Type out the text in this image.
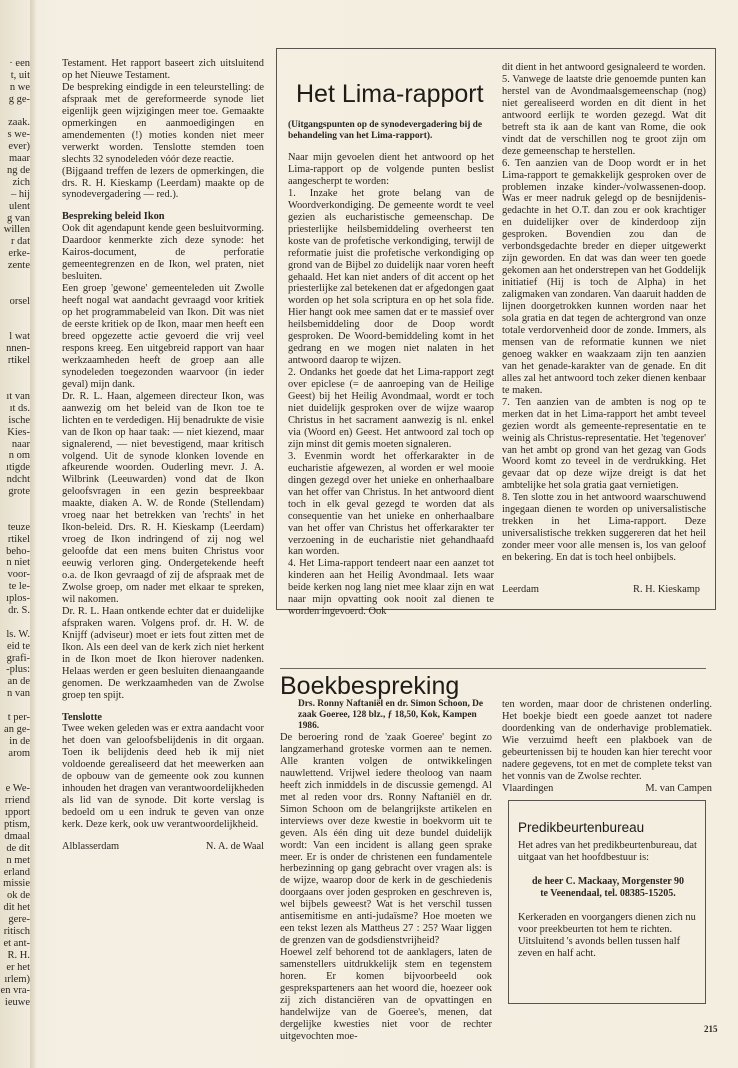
· een
t, uit
n we
g ge-
zaak.
s we-
ever)
maar
ng de
zich
– hij
ulent
g van
willen
r dat
erke-
zente
orsel
l wat
nnen-
rtikel
ıt van
ıt ds.
ische
Kies-
naar
n om
ıtigde
ndcht
grote
teuze
rtikel
beho-
n niet
voor-
te le-
ıplos-
dr. S.
ls. W.
eid te
grafi-
-plus:
an de
n van
t per-
an ge-
in de
arom
e We-
rriend
ıpport
ptism,
dmaal
de dit
n met
erland
missie
ok de
dit het
gere-
ritisch
et ant-
R. H.
er het
ırlem)
en vra-
ieuwe

Testament. Het rapport baseert zich uitsluitend op het Nieuwe Testament.

De bespreking eindigde in een teleurstelling: de afspraak met de gereformeerde synode liet eigenlijk geen wijzigingen meer toe. Gemaakte opmerkingen en aanmoedigingen en amendementen (!) moties konden niet meer verwerkt worden. Tenslotte stemden toen slechts 32 synodeleden vóór deze reactie.

(Bijgaand treffen de lezers de opmerkingen, die drs. R. H. Kieskamp (Leerdam) maakte op de synodevergadering — red.).

Bespreking beleid Ikon

Ook dit agendapunt kende geen besluitvorming. Daardoor kenmerkte zich deze synode: het Kairos-document, de perforatie gemeentegrenzen en de Ikon, wel praten, niet besluiten.

Een groep 'gewone' gemeenteleden uit Zwolle heeft nogal wat aandacht gevraagd voor kritiek op het programmabeleid van Ikon. Dit was niet de eerste kritiek op de Ikon, maar men heeft een breed opgezette actie gevoerd die vrij veel respons kreeg. Een uitgebreid rapport van haar werkzaamheden heeft de groep aan alle synodeleden toegezonden waarvoor (in ieder geval) mijn dank.

Dr. R. L. Haan, algemeen directeur Ikon, was aanwezig om het beleid van de Ikon toe te lichten en te verdedigen. Hij benadrukte de visie van de Ikon op haar taak: — niet kiezend, maar signalerend, — niet bevestigend, maar kritisch volgend. Uit de synode klonken lovende en afkeurende woorden. Ouderling mevr. J. A. Wilbrink (Leeuwarden) vond dat de Ikon geloofsvragen in een gezin bespreekbaar maakte, diaken A. W. de Ronde (Stellendam) vroeg naar het betrekken van 'rechts' in het Ikon-beleid. Drs. R. H. Kieskamp (Leerdam) vroeg de Ikon indringend of zij nog wel geloofde dat een mens buiten Christus voor eeuwig verloren ging. Ondergetekende heeft o.a. de Ikon gevraagd of zij de afspraak met de Zwolse groep, om nader met elkaar te spreken, wil nakomen.

Dr. R. L. Haan ontkende echter dat er duidelijke afspraken waren. Volgens prof. dr. H. W. de Knijff (adviseur) moet er iets fout zitten met de Ikon. Als een deel van de kerk zich niet herkent in de Ikon moet de Ikon hierover nadenken. Helaas werden er geen besluiten dienaangaande genomen. De werkzaamheden van de Zwolse groep ten spijt.

Tenslotte

Twee weken geleden was er extra aandacht voor het doen van geloofsbelijdenis in dit orgaan. Toen ik belijdenis deed heb ik mij niet voldoende gerealiseerd dat het meewerken aan de opbouw van de gemeente ook zou kunnen inhouden het dragen van verantwoordelijkheden als lid van de synode. Dit korte verslag is bedoeld om u een indruk te geven van onze kerk. Deze kerk, ook uw verantwoordelijkheid.

Alblasserdam	N. A. de Waal

Het Lima-rapport

(Uitgangspunten op de synodevergadering bij de behandeling van het Lima-rapport).

Naar mijn gevoelen dient het antwoord op het Lima-rapport op de volgende punten beslist aangescherpt te worden:

1. Inzake het grote belang van de Woordverkondiging. De gemeente wordt te veel gezien als eucharistische gemeenschap. De priesterlijke heilsbemiddeling overheerst ten koste van de profetische verkondiging, terwijl de reformatie juist die profetische verkondiging op grond van de Bijbel zo duidelijk naar voren heeft gehaald. Het kan niet anders of dit accent op het priesterlijke zal betekenen dat er afgedongen gaat worden op het sola scriptura en op het sola fide. Hier hangt ook mee samen dat er te massief over heilsbemiddeling door de Doop wordt gesproken. De Woord-bemiddeling komt in het gedrang en we mogen niet nalaten in het antwoord daarop te wijzen.

2. Ondanks het goede dat het Lima-rapport zegt over epiclese (= de aanroeping van de Heilige Geest) bij het Heilig Avondmaal, wordt er toch niet duidelijk gesproken over de wijze waarop Christus in het sacrament aanwezig is nl. enkel via (Woord en) Geest. Het antwoord zal toch op zijn minst dit gemis moeten signaleren.

3. Evenmin wordt het offerkarakter in de eucharistie afgewezen, al worden er wel mooie dingen gezegd over het unieke en onherhaalbare van het offer van Christus. In het antwoord dient toch in elk geval gezegd te worden dat als consequentie van het unieke en onherhaalbare van het offer van Christus het offerkarakter ter verzoening in de eucharistie niet gehandhaafd kan worden.

4. Het Lima-rapport tendeert naar een aanzet tot kinderen aan het Heilig Avondmaal. Iets waar beide kerken nog lang niet mee klaar zijn en wat naar mijn opvatting ook nooit zal dienen te worden ingevoerd. Ook

dit dient in het antwoord gesignaleerd te worden.

5. Vanwege de laatste drie genoemde punten kan herstel van de Avondmaalsgemeenschap (nog) niet gerealiseerd worden en dit dient in het antwoord eerlijk te worden gezegd. Wat dit betreft sta ik aan de kant van Rome, die ook vindt dat de verschillen nog te groot zijn om deze gemeenschap te herstellen.

6. Ten aanzien van de Doop wordt er in het Lima-rapport te gemakkelijk gesproken over de problemen inzake kinder-/volwassenen-doop. Was er meer nadruk gelegd op de besnijdenis-gedachte in het O.T. dan zou er ook krachtiger en duidelijker over de kinderdoop zijn gesproken. Bovendien zou dan de verbondsgedachte breder en dieper uitgewerkt zijn geworden. En dat was dan weer ten goede gekomen aan het onderstrepen van het Goddelijk initiatief (Hij is toch de Alpha) in het zaligmaken van zondaren. Van daaruit hadden de lijnen doorgetrokken kunnen worden naar het sola gratia en dat tegen de achtergrond van onze totale verdorvenheid door de zonde. Immers, als mensen van de reformatie kunnen we niet genoeg wakker en waakzaam zijn ten aanzien van het genade-karakter van de genade. En dit alles zal het antwoord toch zeker dienen kenbaar te maken.

7. Ten aanzien van de ambten is nog op te merken dat in het Lima-rapport het ambt teveel gezien wordt als gemeente-representatie en te weinig als Christus-representatie. Het 'tegenover' van het ambt op grond van het gezag van Gods Woord komt zo teveel in de verdrukking. Het gevaar dat op deze wijze dreigt is dat het ambtelijke het sola gratia gaat vernietigen.

8. Ten slotte zou in het antwoord waarschuwend ingegaan dienen te worden op universalistische trekken in het Lima-rapport. Deze universalistische trekken suggereren dat het heil zonder meer voor alle mensen is, los van geloof en bekering. En dat is toch heel onbijbels.

Leerdam	R. H. Kieskamp
Boekbespreking

Drs. Ronny Naftaniël en dr. Simon Schoon, De zaak Goeree, 128 blz., ƒ 18,50, Kok, Kampen 1986.

De beroering rond de 'zaak Goeree' begint zo langzamerhand groteske vormen aan te nemen. Alle kranten volgen de ontwikkelingen nauwlettend. Vrijwel iedere theoloog van naam heeft zich inmiddels in de discussie gemengd. Al met al reden voor drs. Ronny Naftaniël en dr. Simon Schoon om de belangrijkste artikelen en interviews over deze kwestie in boekvorm uit te geven. Als één ding uit deze bundel duidelijk wordt: Van een incident is allang geen sprake meer. Er is onder de christenen een fundamentele herbezinning op gang gebracht over vragen als: is de wijze, waarop door de kerk in de geschiedenis doorgaans over joden gesproken en geschreven is, wel bijbels geweest? Wat is het verschil tussen antisemitisme en anti-judaïsme? Hoe moeten we een tekst lezen als Mattheus 27 : 25? Waar liggen de grenzen van de godsdienstvrijheid?

Hoewel zelf behorend tot de aanklagers, laten de samenstellers uitdrukkelijk stem en tegenstem horen. Er komen bijvoorbeeld ook gespreksparteners aan het woord die, hoezeer ook zij zich distanciëren van de opvattingen en handelwijze van de Goeree's, menen, dat dergelijke kwesties niet voor de rechter uitgevochten moe-

ten worden, maar door de christenen onderling. Het boekje biedt een goede aanzet tot nadere doordenking van de onderhavige problematiek. Wie verzuimd heeft een plakboek van de gebeurtenissen bij te houden kan hier terecht voor nadere gegevens, tot en met de complete tekst van het vonnis van de Zwolse rechter.

Vlaardingen	M. van Campen

Predikbeurtenbureau

Het adres van het predikbeurtenbureau, dat uitgaat van het hoofdbestuur is:

de heer C. Mackaay, Morgenster 90

te Veenendaal, tel. 08385-15205.

Kerkeraden en voorgangers dienen zich nu voor preekbeurten tot hem te richten. Uitsluitend 's avonds bellen tussen half zeven en half acht.

215
